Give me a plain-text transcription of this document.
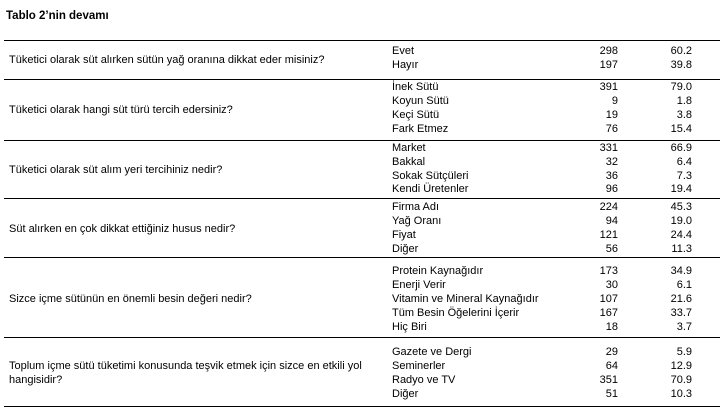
Tablo 2’nin devamı
Tüketici olarak süt alırken sütün yağ oranına dikkat eder misiniz?
Evet	298	60.2
Hayır	197	39.8
Tüketici olarak hangi süt türü tercih edersiniz?
İnek Sütü	391	79.0
Koyun Sütü	9	1.8
Keçi Sütü	19	3.8
Fark Etmez	76	15.4
Tüketici olarak süt alım yeri tercihiniz nedir?
Market	331	66.9
Bakkal	32	6.4
Sokak Sütçüleri	36	7.3
Kendi Üretenler	96	19.4
Süt alırken en çok dikkat ettiğiniz husus nedir?
Firma Adı	224	45.3
Yağ Oranı	94	19.0
Fiyat	121	24.4
Diğer	56	11.3
Sizce içme sütünün en önemli besin değeri nedir?
Protein Kaynağıdır	173	34.9
Enerji Verir	30	6.1
Vitamin ve Mineral Kaynağıdır	107	21.6
Tüm Besin Öğelerini İçerir	167	33.7
Hiç Biri	18	3.7
Toplum içme sütü tüketimi konusunda teşvik etmek için sizce en etkili yol hangisidir?
Gazete ve Dergi	29	5.9
Seminerler	64	12.9
Radyo ve TV	351	70.9
Diğer	51	10.3
